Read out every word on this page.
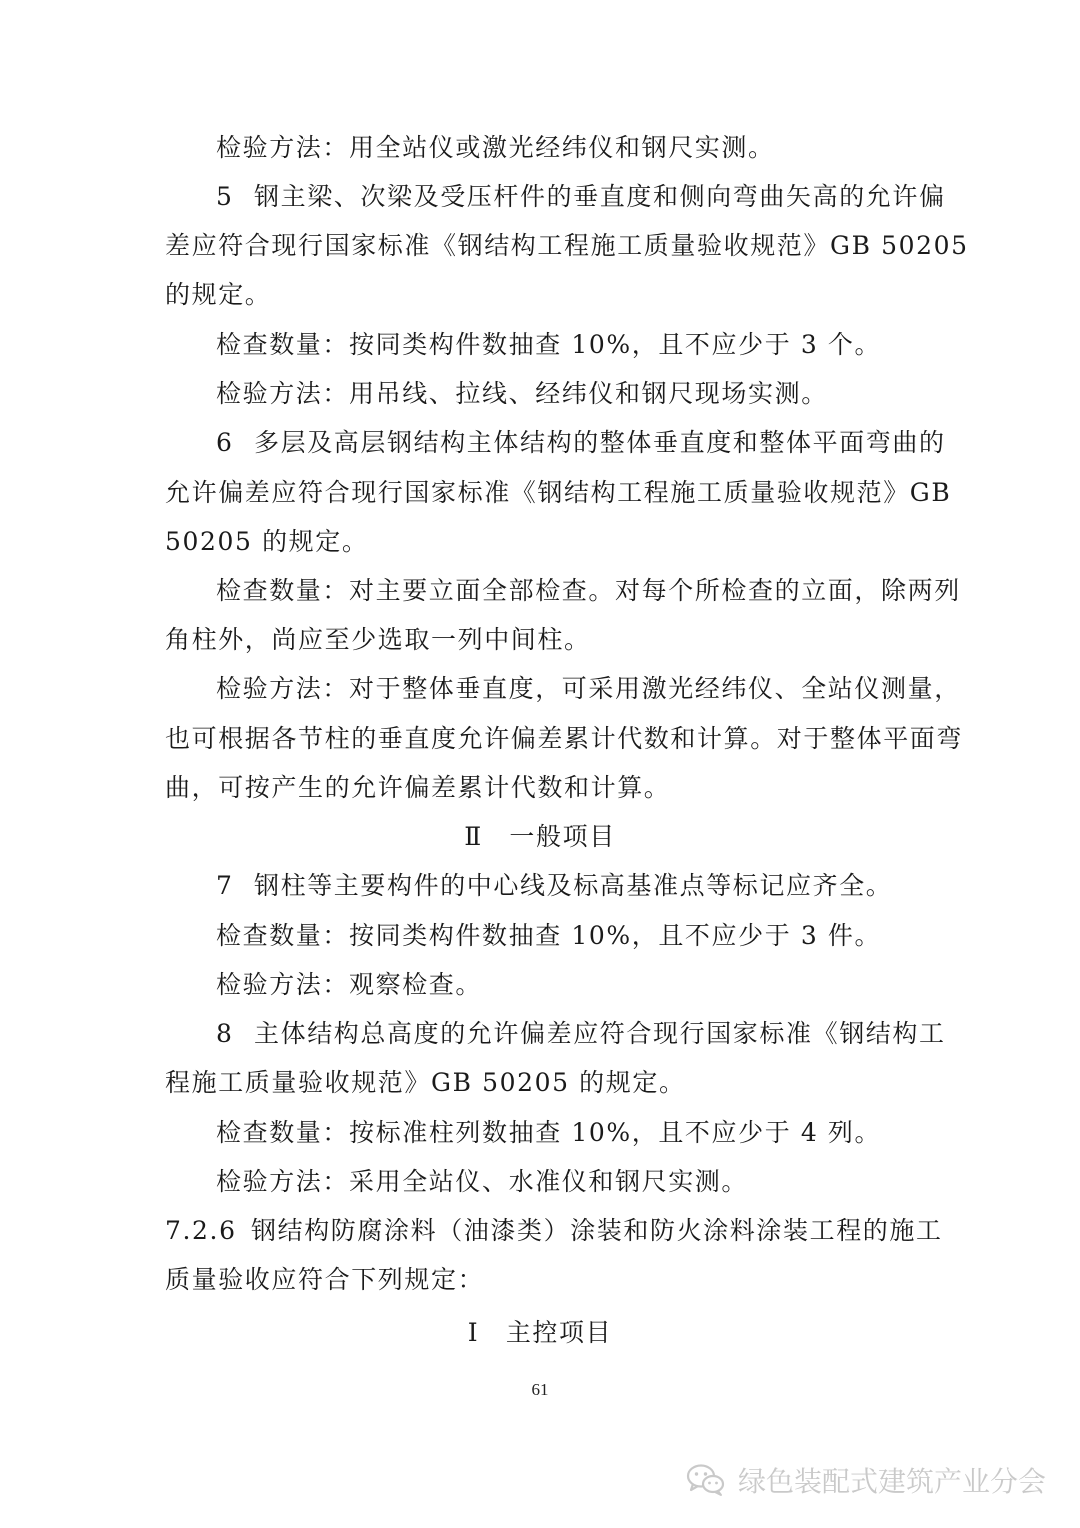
检验方法：用全站仪或激光经纬仪和钢尺实测。
5 钢主梁、次梁及受压杆件的垂直度和侧向弯曲矢高的允许偏
差应符合现行国家标准《钢结构工程施工质量验收规范》GB 50205
的规定。
检查数量：按同类构件数抽查 10%，且不应少于 3 个。
检验方法：用吊线、拉线、经纬仪和钢尺现场实测。
6 多层及高层钢结构主体结构的整体垂直度和整体平面弯曲的
允许偏差应符合现行国家标准《钢结构工程施工质量验收规范》GB
50205 的规定。
检查数量：对主要立面全部检查。对每个所检查的立面，除两列
角柱外，尚应至少选取一列中间柱。
检验方法：对于整体垂直度，可采用激光经纬仪、全站仪测量，
也可根据各节柱的垂直度允许偏差累计代数和计算。对于整体平面弯
曲，可按产生的允许偏差累计代数和计算。
Ⅱ　一般项目
7 钢柱等主要构件的中心线及标高基准点等标记应齐全。
检查数量：按同类构件数抽查 10%，且不应少于 3 件。
检验方法：观察检查。
8 主体结构总高度的允许偏差应符合现行国家标准《钢结构工
程施工质量验收规范》GB 50205 的规定。
检查数量：按标准柱列数抽查 10%，且不应少于 4 列。
检验方法：采用全站仪、水准仪和钢尺实测。
7.2.6 钢结构防腐涂料（油漆类）涂装和防火涂料涂装工程的施工
质量验收应符合下列规定：
Ⅰ　主控项目
61
绿色装配式建筑产业分会
